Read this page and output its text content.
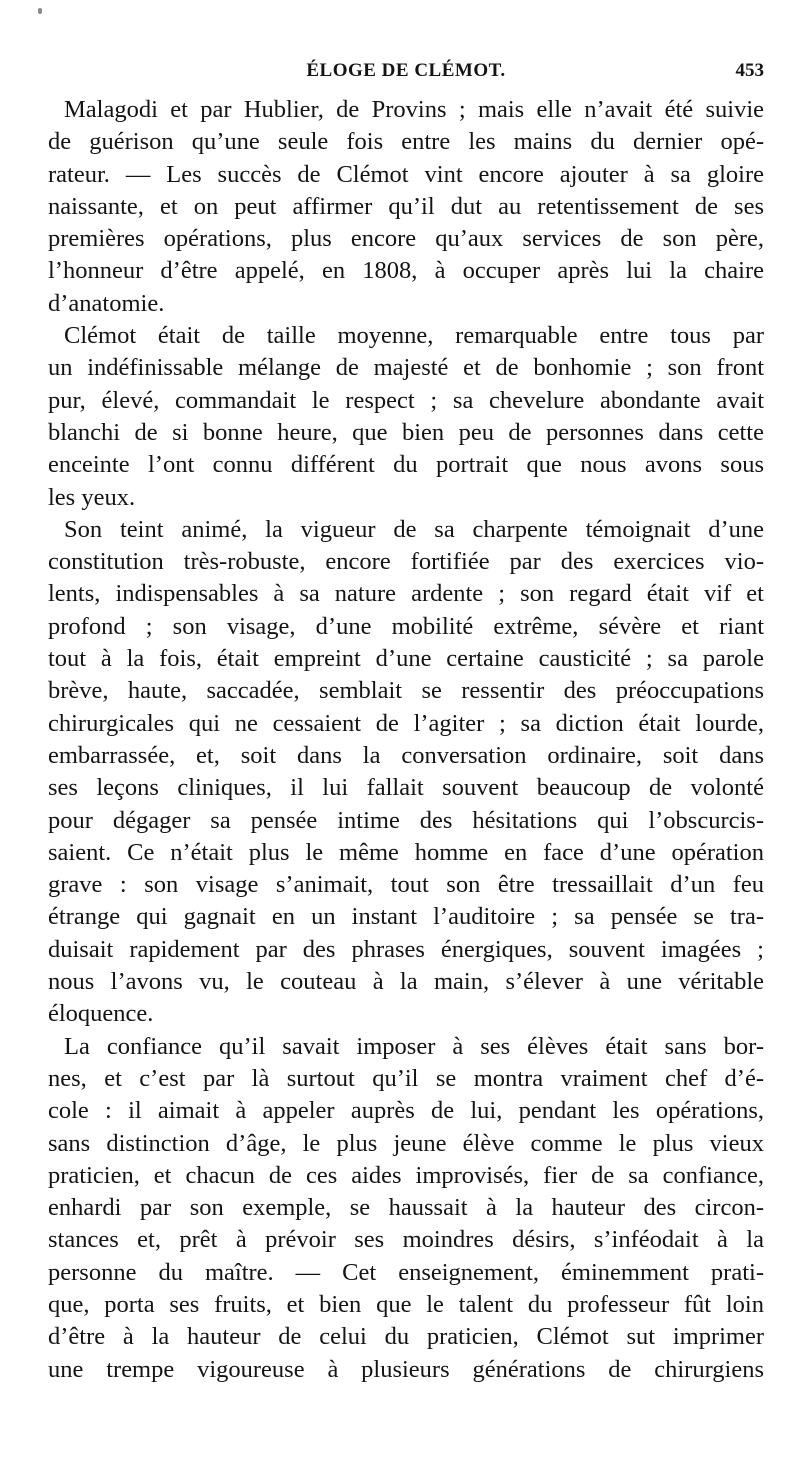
ÉLOGE DE CLÉMOT.	453

Malagodi et par Hublier, de Provins ; mais elle n’avait été suivie
de guérison qu’une seule fois entre les mains du dernier opé-
rateur. — Les succès de Clémot vint encore ajouter à sa gloire
naissante, et on peut affirmer qu’il dut au retentissement de ses
premières opérations, plus encore qu’aux services de son père,
l’honneur d’être appelé, en 1808, à occuper après lui la chaire
d’anatomie.

Clémot était de taille moyenne, remarquable entre tous par
un indéfinissable mélange de majesté et de bonhomie ; son front
pur, élevé, commandait le respect ; sa chevelure abondante avait
blanchi de si bonne heure, que bien peu de personnes dans cette
enceinte l’ont connu différent du portrait que nous avons sous
les yeux.

Son teint animé, la vigueur de sa charpente témoignait d’une
constitution très-robuste, encore fortifiée par des exercices vio-
lents, indispensables à sa nature ardente ; son regard était vif et
profond ; son visage, d’une mobilité extrême, sévère et riant
tout à la fois, était empreint d’une certaine causticité ; sa parole
brève, haute, saccadée, semblait se ressentir des préoccupations
chirurgicales qui ne cessaient de l’agiter ; sa diction était lourde,
embarrassée, et, soit dans la conversation ordinaire, soit dans
ses leçons cliniques, il lui fallait souvent beaucoup de volonté
pour dégager sa pensée intime des hésitations qui l’obscurcis-
saient. Ce n’était plus le même homme en face d’une opération
grave : son visage s’animait, tout son être tressaillait d’un feu
étrange qui gagnait en un instant l’auditoire ; sa pensée se tra-
duisait rapidement par des phrases énergiques, souvent imagées ;
nous l’avons vu, le couteau à la main, s’élever à une véritable
éloquence.

La confiance qu’il savait imposer à ses élèves était sans bor-
nes, et c’est par là surtout qu’il se montra vraiment chef d’é-
cole : il aimait à appeler auprès de lui, pendant les opérations,
sans distinction d’âge, le plus jeune élève comme le plus vieux
praticien, et chacun de ces aides improvisés, fier de sa confiance,
enhardi par son exemple, se haussait à la hauteur des circon-
stances et, prêt à prévoir ses moindres désirs, s’inféodait à la
personne du maître. — Cet enseignement, éminemment prati-
que, porta ses fruits, et bien que le talent du professeur fût loin
d’être à la hauteur de celui du praticien, Clémot sut imprimer
une trempe vigoureuse à plusieurs générations de chirurgiens
